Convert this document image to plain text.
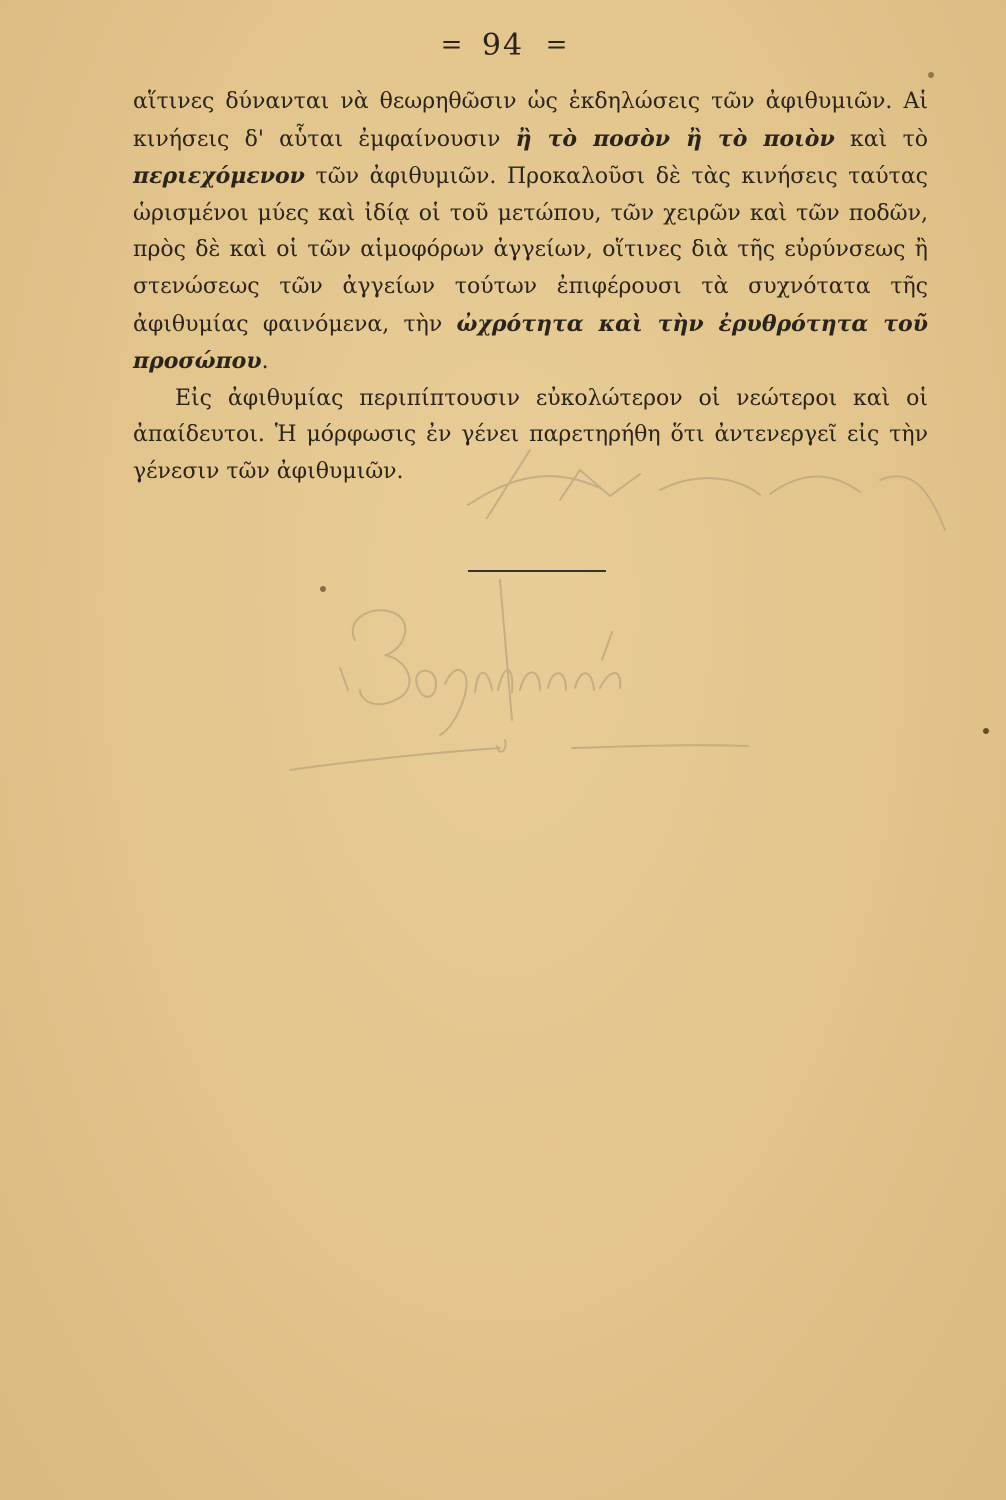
= 94 =

αἵτινες δύνανται νὰ θεωρηθῶσιν ὡς ἐκδηλώσεις τῶν ἀφιθυμιῶν. Αἱ κινήσεις δ' αὗται ἐμφαίνουσιν ἢ τὸ ποσὸν ἢ τὸ ποιὸν καὶ τὸ περιεχόμενον τῶν ἀφιθυμιῶν. Προκαλοῦσι δὲ τὰς κινήσεις ταύτας ὡρισμένοι μύες καὶ ἰδίᾳ οἱ τοῦ μετώπου, τῶν χειρῶν καὶ τῶν ποδῶν, πρὸς δὲ καὶ οἱ τῶν αἱμοφόρων ἀγγείων, οἵτινες διὰ τῆς εὐρύνσεως ἢ στενώσεως τῶν ἀγγείων τούτων ἐπιφέρουσι τὰ συχνότατα τῆς ἀφιθυμίας φαινόμενα, τὴν ὠχρότητα καὶ τὴν ἐρυθρότητα τοῦ προσώπου.

Εἰς ἀφιθυμίας περιπίπτουσιν εὐκολώτερον οἱ νεώτεροι καὶ οἱ ἀπαίδευτοι. Ἡ μόρφωσις ἐν γένει παρετηρήθη ὅτι ἀντενεργεῖ εἰς τὴν γένεσιν τῶν ἀφιθυμιῶν.
